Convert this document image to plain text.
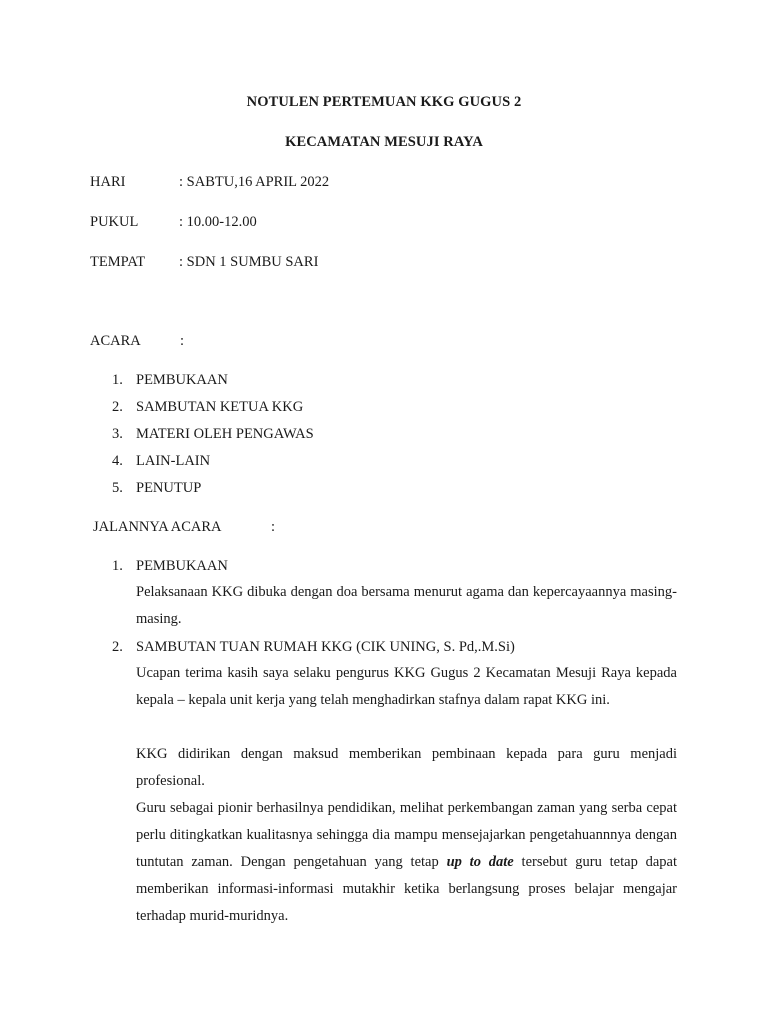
NOTULEN PERTEMUAN KKG GUGUS 2
KECAMATAN MESUJI RAYA
HARI	: SABTU,16 APRIL 2022
PUKUL	: 10.00-12.00
TEMPAT : SDN 1 SUMBU SARI
ACARA	:
1. PEMBUKAAN
2. SAMBUTAN KETUA KKG
3. MATERI OLEH PENGAWAS
4. LAIN-LAIN
5. PENUTUP
JALANNYA ACARA	:
1. PEMBUKAAN
Pelaksanaan KKG dibuka dengan doa bersama menurut agama dan kepercayaannya masing-masing.
2. SAMBUTAN TUAN RUMAH KKG (CIK UNING, S. Pd,.M.Si)
Ucapan terima kasih saya selaku pengurus KKG Gugus 2 Kecamatan Mesuji Raya kepada kepala – kepala unit kerja yang telah menghadirkan stafnya dalam rapat KKG ini.
KKG didirikan dengan maksud memberikan pembinaan kepada para guru menjadi profesional.
Guru sebagai pionir berhasilnya pendidikan, melihat perkembangan zaman yang serba cepat perlu ditingkatkan kualitasnya sehingga dia mampu mensejajarkan pengetahuannnya dengan tuntutan zaman. Dengan pengetahuan yang tetap up to date tersebut guru tetap dapat memberikan informasi-informasi mutakhir ketika berlangsung proses belajar mengajar terhadap murid-muridnya.
